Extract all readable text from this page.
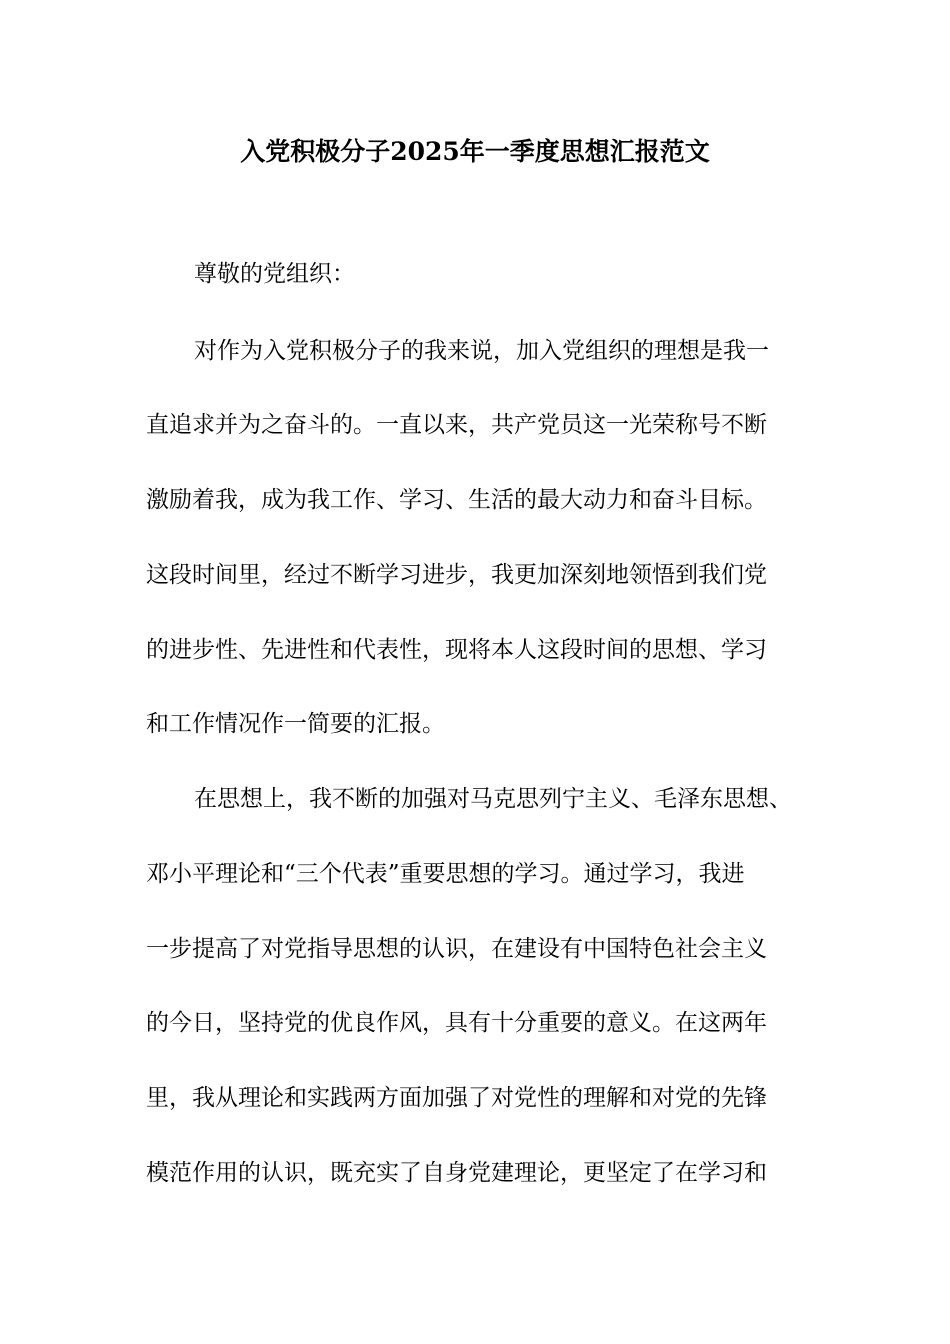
入党积极分子2025年一季度思想汇报范文

尊敬的党组织：

对作为入党积极分子的我来说，加入党组织的理想是我一

直追求并为之奋斗的。一直以来，共产党员这一光荣称号不断

激励着我，成为我工作、学习、生活的最大动力和奋斗目标。

这段时间里，经过不断学习进步，我更加深刻地领悟到我们党

的进步性、先进性和代表性，现将本人这段时间的思想、学习

和工作情况作一简要的汇报。

在思想上，我不断的加强对马克思列宁主义、毛泽东思想、

邓小平理论和“三个代表”重要思想的学习。通过学习，我进

一步提高了对党指导思想的认识，在建设有中国特色社会主义

的今日，坚持党的优良作风，具有十分重要的意义。在这两年

里，我从理论和实践两方面加强了对党性的理解和对党的先锋

模范作用的认识，既充实了自身党建理论，更坚定了在学习和
